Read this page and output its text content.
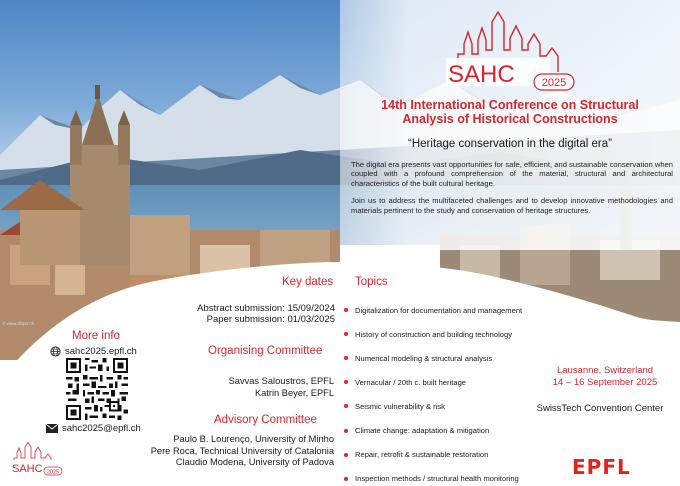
SAHC 2025
14th International Conference on Structural
Analysis of Historical Constructions
“Heritage conservation in the digital era”

The digital era presents vast opportunities for safe, efficient, and sustainable conservation when coupled with a profound comprehension of the material, structural and architectural characteristics of the built cultural heritage.

Join us to address the multifaceted challenges and to develop innovative methodologies and materials pertinent to the study and conservation of heritage structures.

© www.dispo.ch
Key dates
Abstract submission: 15/09/2024
Paper submission: 01/03/2025
Organising Committee
Savvas Saloustros, EPFL
Katrin Beyer, EPFL
Advisory Committee
Paulo B. Lourenço, University of Minho
Pere Roca, Technical University of Catalonia
Claudio Modena, University of Padova
Topics
Digitalization for documentation and management
History of construction and building technology
Numerical modeling & structural analysis
Vernacular / 20th c. built heritage
Seismic vulnerability & risk
Climate change: adaptation & mitigation
Repair, retrofit & sustainable restoration
Inspection methods / structural health monitoring
More info
sahc2025.epfl.ch
sahc2025@epfl.ch
Lausanne, Switzerland
14 – 16 September 2025
SwissTech Convention Center
SAHC 2025	EPFL
